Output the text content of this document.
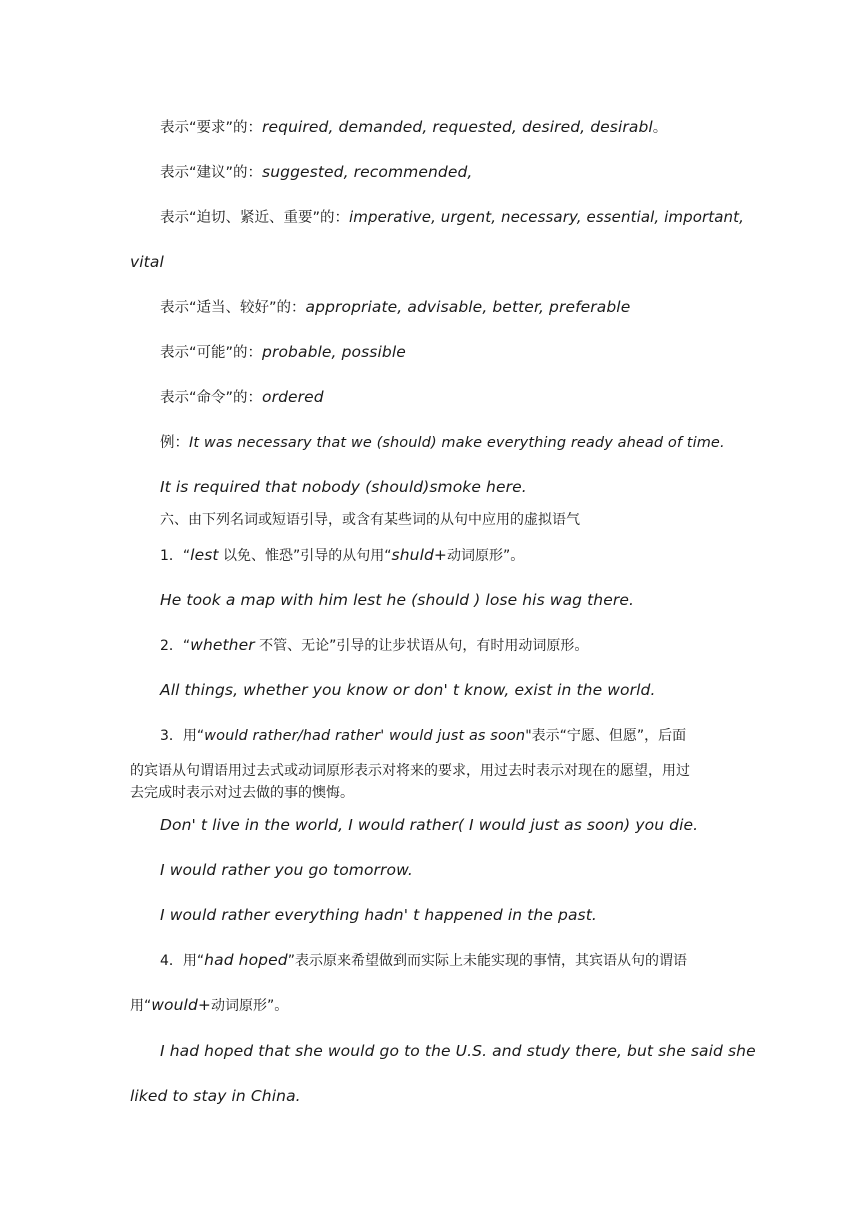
表示“要求”的：required, demanded, requested, desired, desirabl。
表示“建议”的：suggested, recommended,
表示“迫切、紧近、重要”的：imperative, urgent, necessary, essential, important,
vital
表示“适当、较好”的：appropriate, advisable, better, preferable
表示“可能”的：probable, possible
表示“命令”的：ordered
例：It was necessary that we (should) make everything ready ahead of time.
It is required that nobody (should)smoke here.
六、由下列名词或短语引导，或含有某些词的从句中应用的虚拟语气
1．“lest 以免、惟恐”引导的从句用“shuld+动词原形”。
He took a map with him lest he (should ) lose his wag there.
2．“whether 不管、无论”引导的让步状语从句，有时用动词原形。
All things, whether you know or don' t know, exist in the world.
3．用“would rather/had rather' would just as soon"表示“宁愿、但愿”，后面
的宾语从句谓语用过去式或动词原形表示对将来的要求，用过去时表示对现在的愿望，用过
去完成时表示对过去做的事的懊悔。
Don' t live in the world, I would rather( I would just as soon) you die.
I would rather you go tomorrow.
I would rather everything hadn' t happened in the past.
4．用“had hoped”表示原来希望做到而实际上未能实现的事情，其宾语从句的谓语
用“would+动词原形”。
I had hoped that she would go to the U.S. and study there, but she said she
liked to stay in China.
